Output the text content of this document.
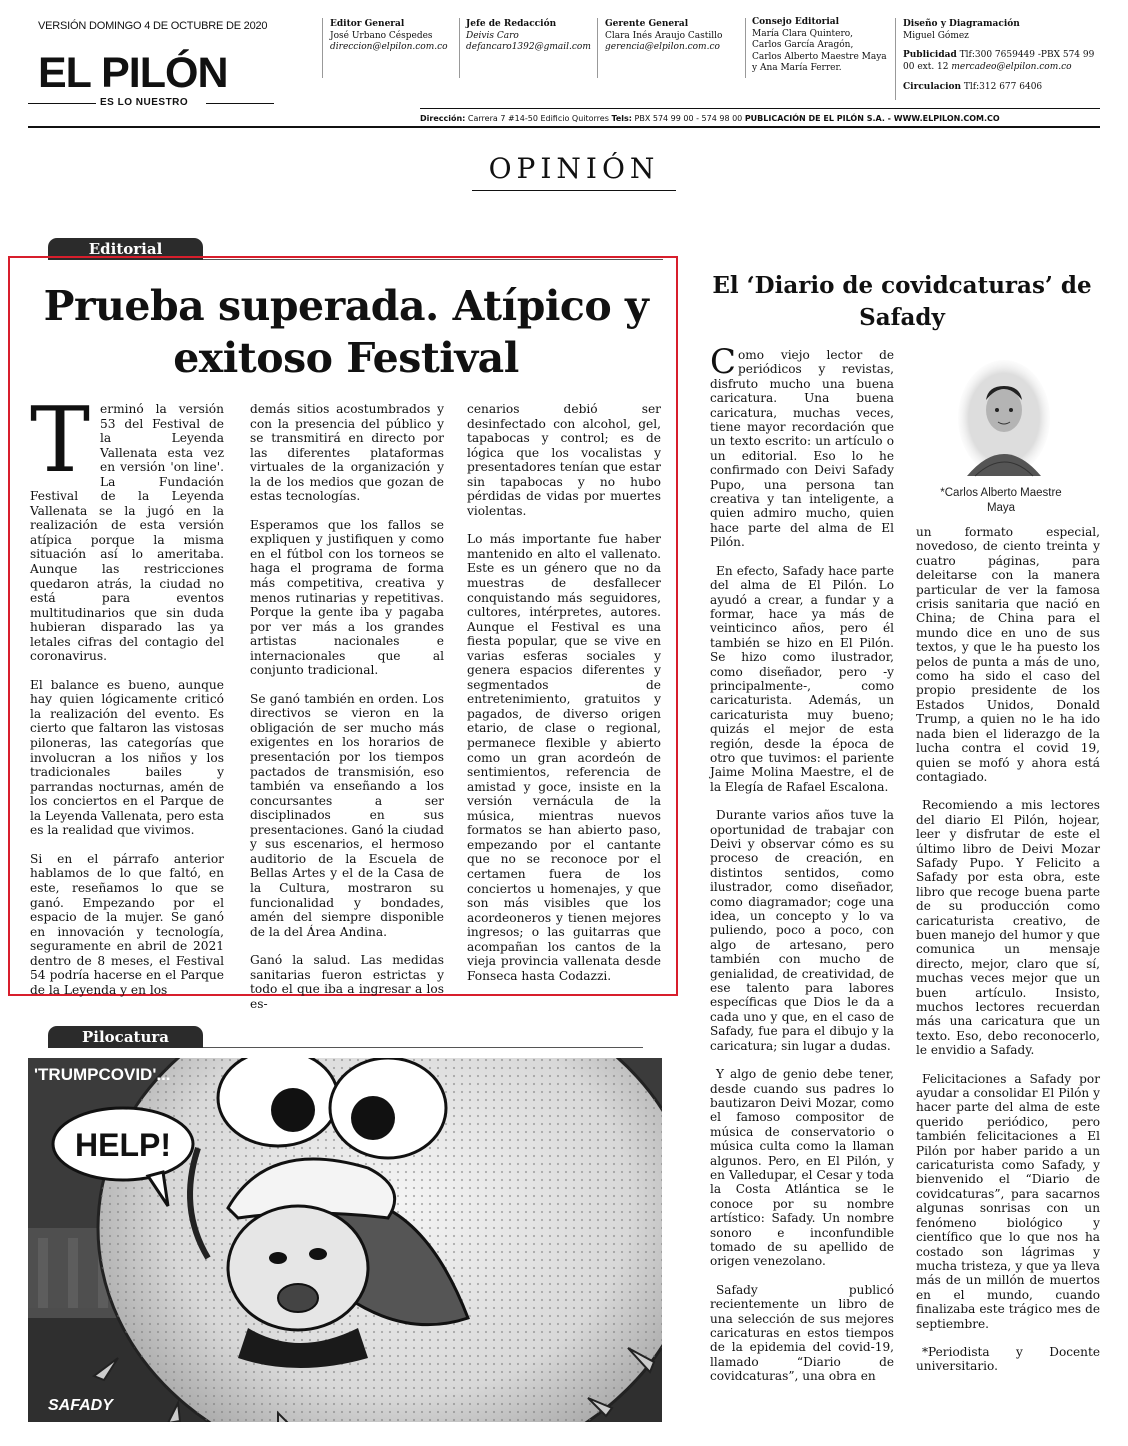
VERSIÓN DOMINGO 4 DE OCTUBRE DE 2020
EL PILÓN
ES LO NUESTRO
Editor General
José Urbano Céspedes
direccion@elpilon.com.co
Jefe de Redacción
Deivis Caro
defancaro1392@gmail.com
Gerente General
Clara Inés Araujo Castillo
gerencia@elpilon.com.co
Consejo Editorial
María Clara Quintero,
Carlos García Aragón,
Carlos Alberto Maestre Maya
y Ana María Ferrer.
Diseño y Diagramación
Miguel Gómez
Publicidad Tlf:300 7659449 -PBX 574 99 00 ext. 12 mercadeo@elpilon.com.co
Circulacion Tlf:312 677 6406
Dirección: Carrera 7 #14-50 Edificio Quitorres Tels: PBX 574 99 00 - 574 98 00 PUBLICACIÓN DE EL PILÓN S.A. - WWW.ELPILON.COM.CO
OPINIÓN
Editorial
Prueba superada. Atípico y exitoso Festival

Terminó la versión 53 del Festival de la Leyenda Vallenata esta vez en versión 'on line'. La Fundación Festival de la Leyenda Vallenata se la jugó en la realización de esta versión atípica porque la misma situación así lo ameritaba. Aunque las restricciones quedaron atrás, la ciudad no está para eventos multitudinarios que sin duda hubieran disparado las ya letales cifras del contagio del coronavirus.

El balance es bueno, aunque hay quien lógicamente criticó la realización del evento. Es cierto que faltaron las vistosas piloneras, las categorías que involucran a los niños y los tradicionales bailes y parrandas nocturnas, amén de los conciertos en el Parque de la Leyenda Vallenata, pero esta es la realidad que vivimos.

Si en el párrafo anterior hablamos de lo que faltó, en este, reseñamos lo que se ganó. Empezando por el espacio de la mujer. Se ganó en innovación y tecnología, seguramente en abril de 2021 dentro de 8 meses, el Festival 54 podría hacerse en el Parque de la Leyenda y en los

demás sitios acostumbrados y con la presencia del público y se transmitirá en directo por las diferentes plataformas virtuales de la organización y la de los medios que gozan de estas tecnologías.

Esperamos que los fallos se expliquen y justifiquen y como en el fútbol con los torneos se haga el programa de forma más competitiva, creativa y menos rutinarias y repetitivas. Porque la gente iba y pagaba por ver más a los grandes artistas nacionales e internacionales que al conjunto tradicional.

Se ganó también en orden. Los directivos se vieron en la obligación de ser mucho más exigentes en los horarios de presentación por los tiempos pactados de transmisión, eso también va enseñando a los concursantes a ser disciplinados en sus presentaciones. Ganó la ciudad y sus escenarios, el hermoso auditorio de la Escuela de Bellas Artes y el de la Casa de la Cultura, mostraron su funcionalidad y bondades, amén del siempre disponible de la del Área Andina.

Ganó la salud. Las medidas sanitarias fueron estrictas y todo el que iba a ingresar a los es-

cenarios debió ser desinfectado con alcohol, gel, tapabocas y control; es de lógica que los vocalistas y presentadores tenían que estar sin tapabocas y no hubo pérdidas de vidas por muertes violentas.

Lo más importante fue haber mantenido en alto el vallenato. Este es un género que no da muestras de desfallecer conquistando más seguidores, cultores, intérpretes, autores. Aunque el Festival es una fiesta popular, que se vive en varias esferas sociales y genera espacios diferentes y segmentados de entretenimiento, gratuitos y pagados, de diverso origen etario, de clase o regional, permanece flexible y abierto como un gran acordeón de sentimientos, referencia de amistad y goce, insiste en la versión vernácula de la música, mientras nuevos formatos se han abierto paso, empezando por el cantante que no se reconoce por el certamen fuera de los conciertos u homenajes, y que son más visibles que los acordeoneros y tienen mejores ingresos; o las guitarras que acompañan los cantos de la vieja provincia vallenata desde Fonseca hasta Codazzi.

Pilocatura
HELP!
'TRUMPCOVID'...
SAFADY
El ‘Diario de covidcaturas’ de Safady
*Carlos Alberto Maestre
Maya

Como viejo lector de periódicos y revistas, disfruto mucho una buena caricatura. Una buena caricatura, muchas veces, tiene mayor recordación que un texto escrito: un artículo o un editorial. Eso lo he confirmado con Deivi Safady Pupo, una persona tan creativa y tan inteligente, a quien admiro mucho, quien hace parte del alma de El Pilón.

En efecto, Safady hace parte del alma de El Pilón. Lo ayudó a crear, a fundar y a formar, hace ya más de veinticinco años, pero él también se hizo en El Pilón. Se hizo como ilustrador, como diseñador, pero -y principalmente-, como caricaturista. Además, un caricaturista muy bueno; quizás el mejor de esta región, desde la época de otro que tuvimos: el pariente Jaime Molina Maestre, el de la Elegía de Rafael Escalona.

Durante varios años tuve la oportunidad de trabajar con Deivi y observar cómo es su proceso de creación, en distintos sentidos, como ilustrador, como diseñador, como diagramador; coge una idea, un concepto y lo va puliendo, poco a poco, con algo de artesano, pero también con mucho de genialidad, de creatividad, de ese talento para labores específicas que Dios le da a cada uno y que, en el caso de Safady, fue para el dibujo y la caricatura; sin lugar a dudas.

Y algo de genio debe tener, desde cuando sus padres lo bautizaron Deivi Mozar, como el famoso compositor de música de conservatorio o música culta como la llaman algunos. Pero, en El Pilón, y en Valledupar, el Cesar y toda la Costa Atlántica se le conoce por su nombre artístico: Safady. Un nombre sonoro e inconfundible tomado de su apellido de origen venezolano.

Safady publicó recientemente un libro de una selección de sus mejores caricaturas en estos tiempos de la epidemia del covid-19, llamado “Diario de covidcaturas”, una obra en

un formato especial, novedoso, de ciento treinta y cuatro páginas, para deleitarse con la manera particular de ver la famosa crisis sanitaria que nació en China; de China para el mundo dice en uno de sus textos, y que le ha puesto los pelos de punta a más de uno, como ha sido el caso del propio presidente de los Estados Unidos, Donald Trump, a quien no le ha ido nada bien el liderazgo de la lucha contra el covid 19, quien se mofó y ahora está contagiado.

Recomiendo a mis lectores del diario El Pilón, hojear, leer y disfrutar de este el último libro de Deivi Mozar Safady Pupo. Y Felicito a Safady por esta obra, este libro que recoge buena parte de su producción como caricaturista creativo, de buen manejo del humor y que comunica un mensaje directo, mejor, claro que sí, muchas veces mejor que un buen artículo. Insisto, muchos lectores recuerdan más una caricatura que un texto. Eso, debo reconocerlo, le envidio a Safady.

Felicitaciones a Safady por ayudar a consolidar El Pilón y hacer parte del alma de este querido periódico, pero también felicitaciones a El Pilón por haber parido a un caricaturista como Safady, y bienvenido el “Diario de covidcaturas”, para sacarnos algunas sonrisas con un fenómeno biológico y científico que lo que nos ha costado son lágrimas y mucha tristeza, y que ya lleva más de un millón de muertos en el mundo, cuando finalizaba este trágico mes de septiembre.

*Periodista y Docente universitario.
